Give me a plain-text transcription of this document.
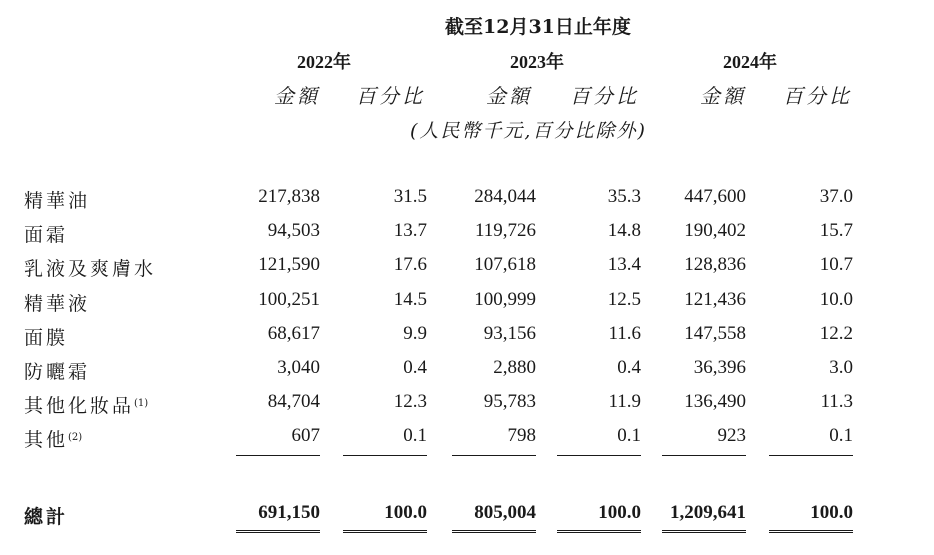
截至12月31日止年度
2022年	2023年	2024年
金額 百分比	金額 百分比	金額 百分比
(人民幣千元,百分比除外)
精華油	217,838	31.5	284,044	35.3	447,600	37.0
面霜	94,503	13.7	119,726	14.8	190,402	15.7
乳液及爽膚水	121,590	17.6	107,618	13.4	128,836	10.7
精華液	100,251	14.5	100,999	12.5	121,436	10.0
面膜	68,617	9.9	93,156	11.6	147,558	12.2
防曬霜	3,040	0.4	2,880	0.4	36,396	3.0
其他化妝品$^{(1)}$	84,704	12.3	95,783	11.9	136,490	11.3
其他$^{(2)}$	607	0.1	798	0.1	923	0.1
總計	691,150	100.0	805,004	100.0	1,209,641	100.0
